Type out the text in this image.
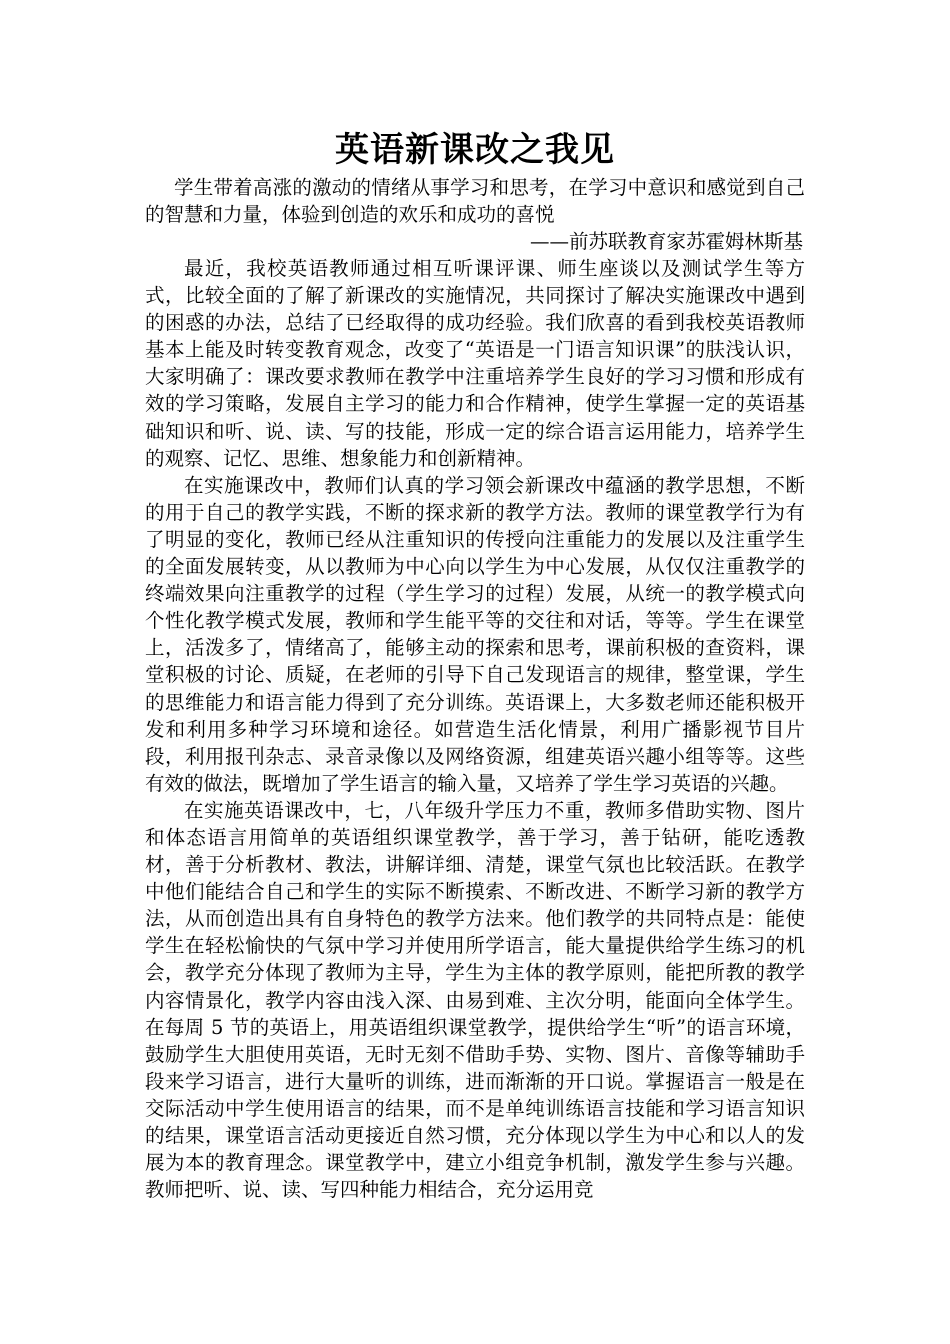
英语新课改之我见

学生带着高涨的激动的情绪从事学习和思考，在学习中意识和感觉到自己的智慧和力量，体验到创造的欢乐和成功的喜悦

——前苏联教育家苏霍姆林斯基

最近，我校英语教师通过相互听课评课、师生座谈以及测试学生等方式，比较全面的了解了新课改的实施情况，共同探讨了解决实施课改中遇到的困惑的办法，总结了已经取得的成功经验。我们欣喜的看到我校英语教师基本上能及时转变教育观念，改变了“英语是一门语言知识课”的肤浅认识，大家明确了：课改要求教师在教学中注重培养学生良好的学习习惯和形成有效的学习策略，发展自主学习的能力和合作精神，使学生掌握一定的英语基础知识和听、说、读、写的技能，形成一定的综合语言运用能力，培养学生的观察、记忆、思维、想象能力和创新精神。

在实施课改中，教师们认真的学习领会新课改中蕴涵的教学思想，不断的用于自己的教学实践，不断的探求新的教学方法。教师的课堂教学行为有了明显的变化，教师已经从注重知识的传授向注重能力的发展以及注重学生的全面发展转变，从以教师为中心向以学生为中心发展，从仅仅注重教学的终端效果向注重教学的过程（学生学习的过程）发展，从统一的教学模式向个性化教学模式发展，教师和学生能平等的交往和对话，等等。学生在课堂上，活泼多了，情绪高了，能够主动的探索和思考，课前积极的查资料，课堂积极的讨论、质疑，在老师的引导下自己发现语言的规律，整堂课，学生的思维能力和语言能力得到了充分训练。英语课上，大多数老师还能积极开发和利用多种学习环境和途径。如营造生活化情景，利用广播影视节目片段，利用报刊杂志、录音录像以及网络资源，组建英语兴趣小组等等。这些有效的做法，既增加了学生语言的输入量，又培养了学生学习英语的兴趣。

在实施英语课改中，七，八年级升学压力不重，教师多借助实物、图片和体态语言用简单的英语组织课堂教学，善于学习，善于钻研，能吃透教材，善于分析教材、教法，讲解详细、清楚，课堂气氛也比较活跃。在教学中他们能结合自己和学生的实际不断摸索、不断改进、不断学习新的教学方法，从而创造出具有自身特色的教学方法来。他们教学的共同特点是：能使学生在轻松愉快的气氛中学习并使用所学语言，能大量提供给学生练习的机会，教学充分体现了教师为主导，学生为主体的教学原则，能把所教的教学内容情景化，教学内容由浅入深、由易到难、主次分明，能面向全体学生。在每周 5 节的英语上，用英语组织课堂教学，提供给学生“听”的语言环境，鼓励学生大胆使用英语，无时无刻不借助手势、实物、图片、音像等辅助手段来学习语言，进行大量听的训练，进而渐渐的开口说。掌握语言一般是在交际活动中学生使用语言的结果，而不是单纯训练语言技能和学习语言知识的结果，课堂语言活动更接近自然习惯，充分体现以学生为中心和以人的发展为本的教育理念。课堂教学中，建立小组竞争机制，激发学生参与兴趣。教师把听、说、读、写四种能力相结合，充分运用竞
